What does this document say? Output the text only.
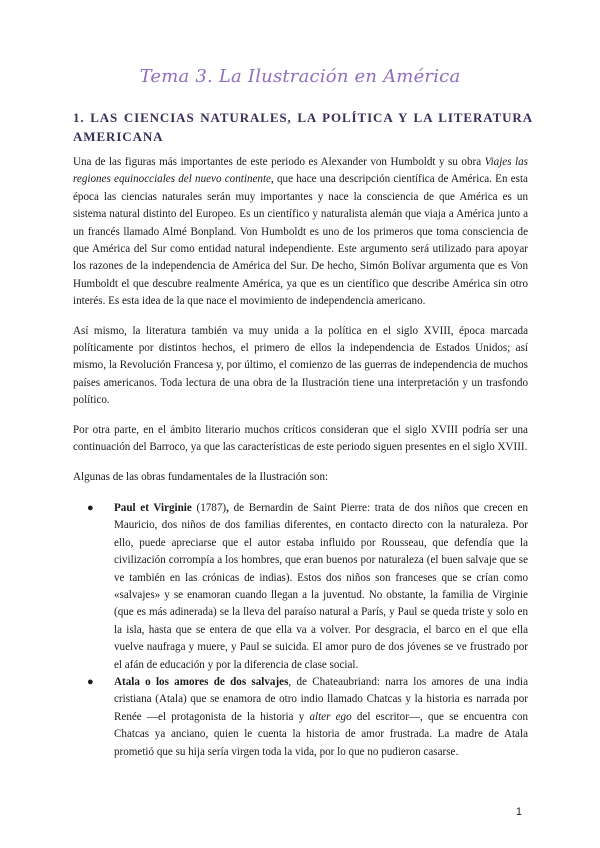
Tema 3. La Ilustración en América
1. LAS CIENCIAS NATURALES, LA POLÍTICA Y LA LITERATURA AMERICANA

Una de las figuras más importantes de este periodo es Alexander von Humboldt y su obra Viajes las regiones equinocciales del nuevo continente, que hace una descripción científica de América. En esta época las ciencias naturales serán muy importantes y nace la consciencia de que América es un sistema natural distinto del Europeo. Es un científico y naturalista alemán que viaja a América junto a un francés llamado Almé Bonpland. Von Humboldt es uno de los primeros que toma consciencia de que América del Sur como entidad natural independiente. Este argumento será utilizado para apoyar los razones de la independencia de América del Sur. De hecho, Simón Bolívar argumenta que es Von Humboldt el que descubre realmente América, ya que es un científico que describe América sin otro interés. Es esta idea de la que nace el movimiento de independencia americano.

Así mismo, la literatura también va muy unida a la política en el siglo XVIII, época marcada políticamente por distintos hechos, el primero de ellos la independencia de Estados Unidos; así mismo, la Revolución Francesa y, por último, el comienzo de las guerras de independencia de muchos países americanos. Toda lectura de una obra de la Ilustración tiene una interpretación y un trasfondo político.

Por otra parte, en el ámbito literario muchos críticos consideran que el siglo XVIII podría ser una continuación del Barroco, ya que las características de este periodo siguen presentes en el siglo XVIII.

Algunas de las obras fundamentales de la Ilustración son:

● Paul et Virginie (1787), de Bernardin de Saint Pierre: trata de dos niños que crecen en Mauricio, dos niños de dos familias diferentes, en contacto directo con la naturaleza. Por ello, puede apreciarse que el autor estaba influido por Rousseau, que defendía que la civilización corrompía a los hombres, que eran buenos por naturaleza (el buen salvaje que se ve también en las crónicas de indias). Estos dos niños son franceses que se crían como «salvajes» y se enamoran cuando llegan a la juventud. No obstante, la familia de Virginie (que es más adinerada) se la lleva del paraíso natural a París, y Paul se queda triste y solo en la isla, hasta que se entera de que ella va a volver. Por desgracia, el barco en el que ella vuelve naufraga y muere, y Paul se suicida. El amor puro de dos jóvenes se ve frustrado por el afán de educación y por la diferencia de clase social.
● Atala o los amores de dos salvajes, de Chateaubriand: narra los amores de una india cristiana (Atala) que se enamora de otro indio llamado Chatcas y la historia es narrada por Renée —el protagonista de la historia y alter ego del escritor—, que se encuentra con Chatcas ya anciano, quien le cuenta la historia de amor frustrada. La madre de Atala prometió que su hija sería virgen toda la vida, por lo que no pudieron casarse.
1
